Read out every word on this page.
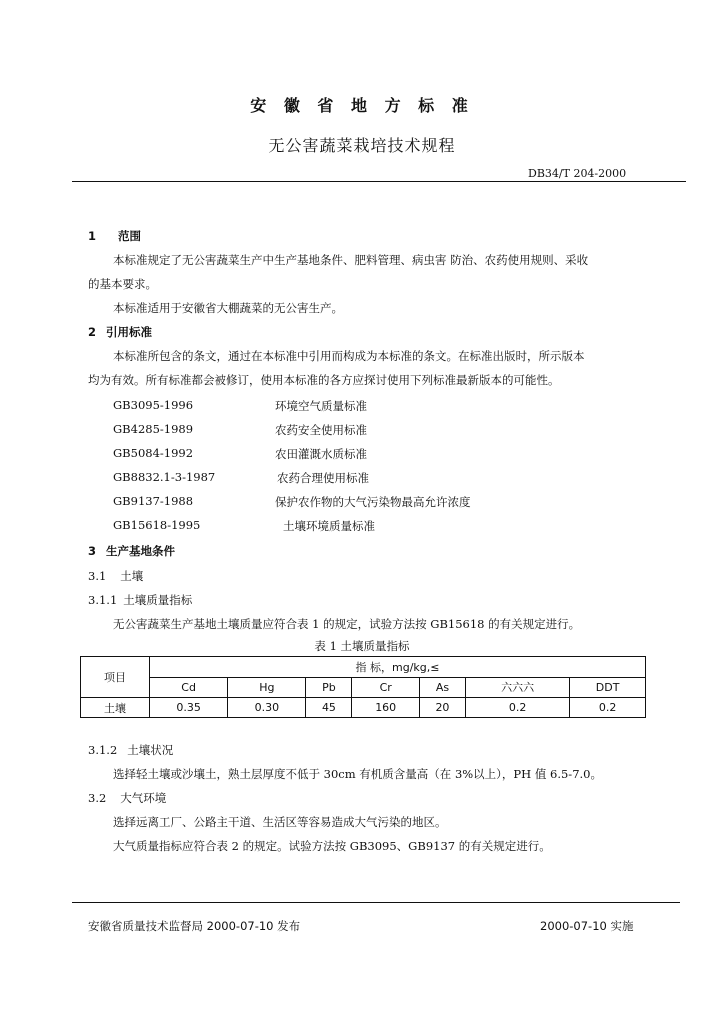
安 徽 省 地 方 标 准
无公害蔬菜栽培技术规程
DB34/T 204-2000
1 范围
本标准规定了无公害蔬菜生产中生产基地条件、肥料管理、病虫害 防治、农药使用规则、采收
的基本要求。
本标准适用于安徽省大棚蔬菜的无公害生产。
2 引用标准
本标准所包含的条文，通过在本标准中引用而构成为本标准的条文。在标准出版时，所示版本
均为有效。所有标准都会被修订，使用本标准的各方应探讨使用下列标准最新版本的可能性。
GB3095-1996	环境空气质量标准
GB4285-1989	农药安全使用标准
GB5084-1992	农田灌溉水质标准
GB8832.1-3-1987	农药合理使用标准
GB9137-1988	保护农作物的大气污染物最高允许浓度
GB15618-1995	土壤环境质量标准
3 生产基地条件
3.1 土壤
3.1.1 土壤质量指标
无公害蔬菜生产基地土壤质量应符合表 1 的规定，试验方法按 GB15618 的有关规定进行。
表 1 土壤质量指标
项目	指 标，mg/kg,≤						
	Cd	Hg	Pb	Cr	As	六六六	DDT
土壤	0.35	0.30	45	160	20	0.2	0.2
3.1.2 土壤状况
选择轻土壤或沙壤土，熟土层厚度不低于 30cm 有机质含量高（在 3%以上），PH 值 6.5-7.0。
3.2 大气环境
选择远离工厂、公路主干道、生活区等容易造成大气污染的地区。
大气质量指标应符合表 2 的规定。试验方法按 GB3095、GB9137 的有关规定进行。
安徽省质量技术监督局 2000-07-10 发布	2000-07-10 实施
